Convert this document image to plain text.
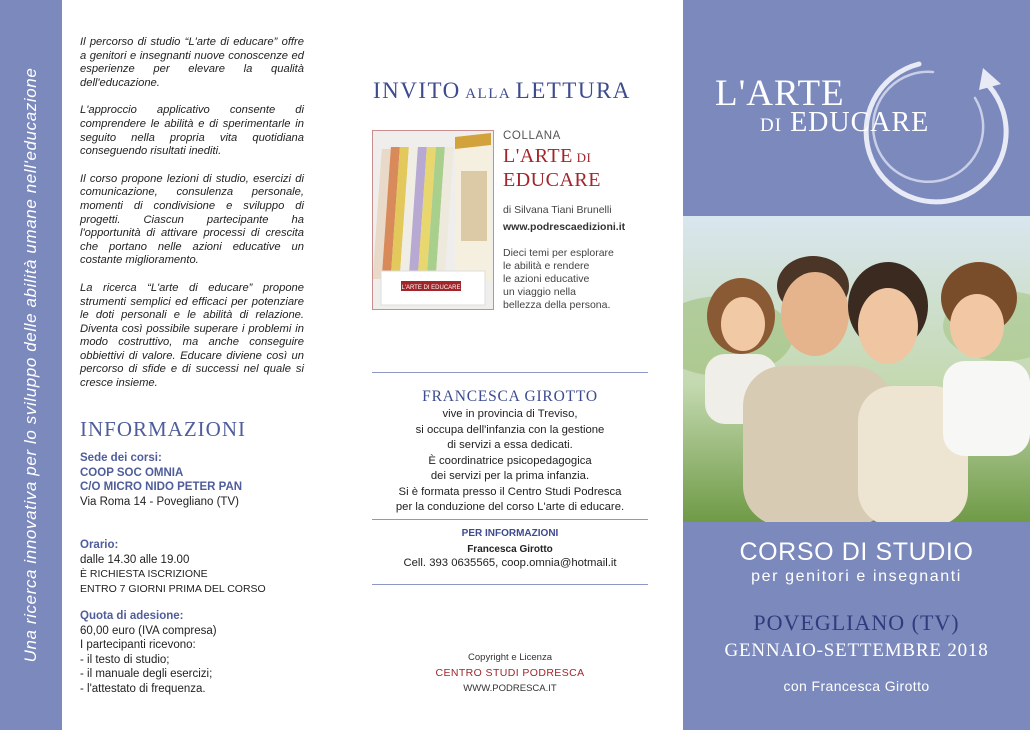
Una ricerca innovativa per lo sviluppo delle abilità umane nell'educazione

Il percorso di studio “L'arte di educare” offre a genitori e insegnanti nuove conoscenze ed esperienze per elevare la qualità dell'educazione.

L'approccio applicativo consente di comprendere le abilità e di sperimentarle in seguito nella propria vita quotidiana conseguendo risultati inediti.

Il corso propone lezioni di studio, esercizi di comunicazione, consulenza personale, momenti di condivisione e sviluppo di progetti. Ciascun partecipante ha l'opportunità di attivare processi di crescita che portano nelle azioni educative un costante miglioramento.

La ricerca “L'arte di educare” propone strumenti semplici ed efficaci per potenziare le doti personali e le abilità di relazione. Diventa così possibile superare i problemi in modo costruttivo, ma anche conseguire obbiettivi di valore. Educare diviene così un percorso di sfide e di successi nel quale si cresce insieme.

INFORMAZIONI
Sede dei corsi:
COOP SOC OMNIA
C/O MICRO NIDO PETER PAN
Via Roma 14 - Povegliano (TV)
Orario:
dalle 14.30 alle 19.00
È RICHIESTA ISCRIZIONE
ENTRO 7 GIORNI PRIMA DEL CORSO
Quota di adesione:
60,00 euro (IVA compresa)
I partecipanti ricevono:
- il testo di studio;
- il manuale degli esercizi;
- l'attestato di frequenza.
INVITO ALLA LETTURA
L'ARTE DI EDUCARE
COLLANA
L'ARTE DI
EDUCARE
di Silvana Tiani Brunelli
www.podrescaedizioni.it
Dieci temi per esplorare
le abilità e rendere
le azioni educative
un viaggio nella
bellezza della persona.
FRANCESCA GIROTTO
vive in provincia di Treviso,
si occupa dell'infanzia con la gestione
di servizi a essa dedicati.
È coordinatrice psicopedagogica
dei servizi per la prima infanzia.
Si è formata presso il Centro Studi Podresca
per la conduzione del corso L'arte di educare.
PER INFORMAZIONI
Francesca Girotto
Cell. 393 0635565, coop.omnia@hotmail.it
Copyright e Licenza
CENTRO STUDI PODRESCA
WWW.PODRESCA.IT
L'ARTE
DI EDUCARE
CORSO DI STUDIO
per genitori e insegnanti
POVEGLIANO (TV)
GENNAIO-SETTEMBRE 2018
con Francesca Girotto
